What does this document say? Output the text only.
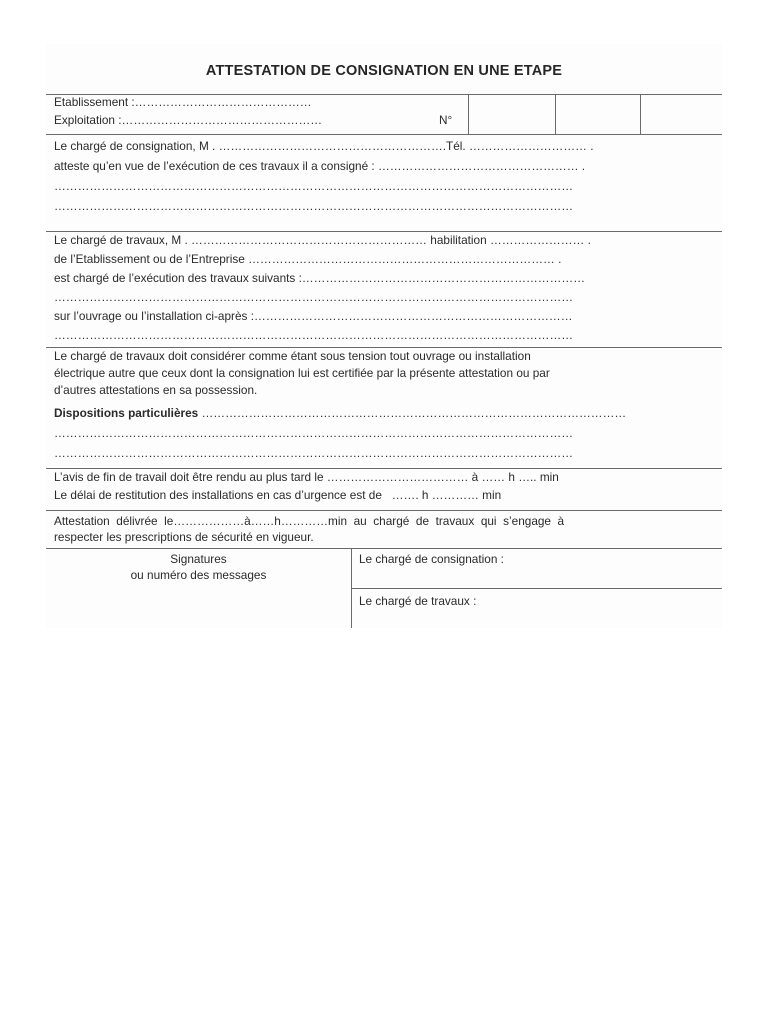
ATTESTATION DE CONSIGNATION EN UNE ETAPE
Etablissement :………………………………………
Exploitation :……………………………………………	N°
Le chargé de consignation, M . ………………………………………………….Tél. ………………………… .
atteste qu’en vue de l’exécution de ces travaux il a consigné : …………………………………………… .
……………………………………………………………………………………………………………………
……………………………………………………………………………………………………………………
Le chargé de travaux, M . …………………………………………………… habilitation …………………… .
de l’Etablissement ou de l’Entreprise …………………………………………………………………… .
est chargé de l’exécution des travaux suivants :………………………………………………………………
……………………………………………………………………………………………………………………
sur l’ouvrage ou l’installation ci-après :………………………………………………………………………
……………………………………………………………………………………………………………………
Le chargé de travaux doit considérer comme étant sous tension tout ouvrage ou installation
électrique autre que ceux dont la consignation lui est certifiée par la présente attestation ou par
d’autres attestations en sa possession.
Dispositions particulières ………………………………………………………………………………………………
……………………………………………………………………………………………………………………
……………………………………………………………………………………………………………………
L’avis de fin de travail doit être rendu au plus tard le ……………………………… à …… h ….. min
Le délai de restitution des installations en cas d’urgence est de   ……. h ………… min
Attestation  délivrée  le………………à……h…………min  au  chargé  de  travaux  qui  s’engage  à
respecter les prescriptions de sécurité en vigueur.
Signatures
ou numéro des messages
Le chargé de consignation :
Le chargé de travaux :
